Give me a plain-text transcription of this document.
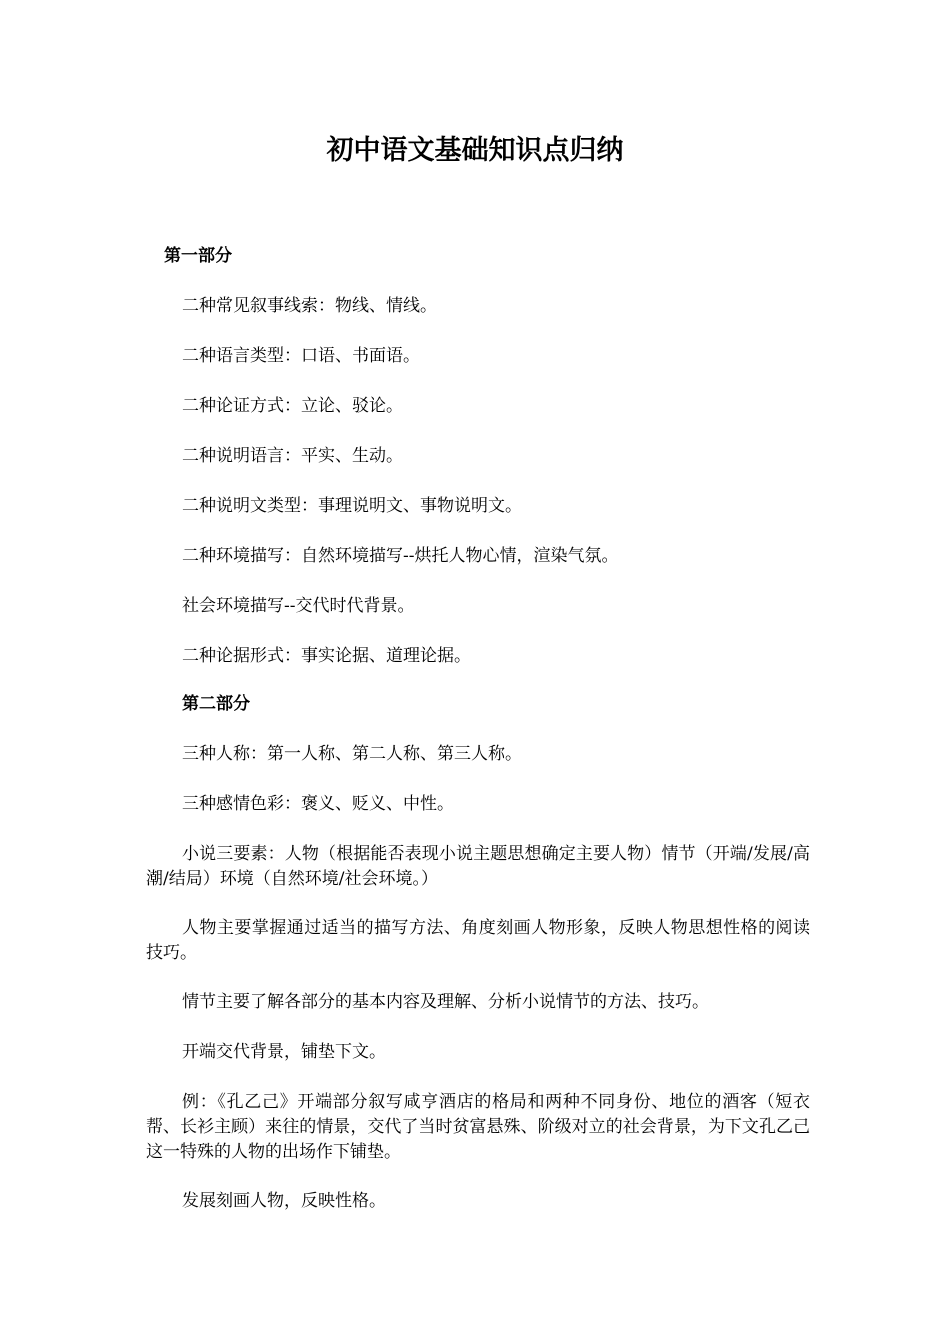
初中语文基础知识点归纳

第一部分

二种常见叙事线索：物线、情线。

二种语言类型：口语、书面语。

二种论证方式：立论、驳论。

二种说明语言：平实、生动。

二种说明文类型：事理说明文、事物说明文。

二种环境描写：自然环境描写--烘托人物心情，渲染气氛。

社会环境描写--交代时代背景。

二种论据形式：事实论据、道理论据。

第二部分

三种人称：第一人称、第二人称、第三人称。

三种感情色彩：褒义、贬义、中性。

小说三要素：人物（根据能否表现小说主题思想确定主要人物）情节（开端/发展/高潮/结局）环境（自然环境/社会环境。）

人物主要掌握通过适当的描写方法、角度刻画人物形象，反映人物思想性格的阅读技巧。

情节主要了解各部分的基本内容及理解、分析小说情节的方法、技巧。

开端交代背景，铺垫下文。

例：《孔乙己》开端部分叙写咸亨酒店的格局和两种不同身份、地位的酒客（短衣帮、长衫主顾）来往的情景，交代了当时贫富悬殊、阶级对立的社会背景，为下文孔乙己这一特殊的人物的出场作下铺垫。

发展刻画人物，反映性格。
